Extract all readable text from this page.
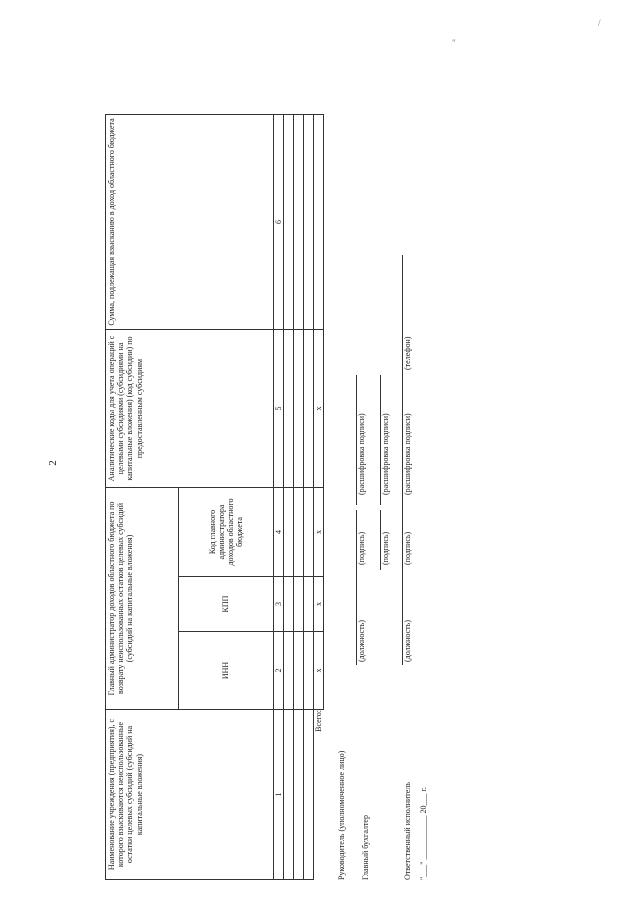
2
/
"
Наименование учреждения (предприятия), с которого взыскиваются неиспользованные остатки целевых субсидий (субсидий на капитальные вложения)	Главный администратор доходов областного бюджета по возврату неиспользованных остатков целевых субсидий (субсидий на капитальные вложения)			Аналитические коды для учета операций с целевыми субсидиями (субсидиями на капитальные вложения) (код субсидии) по предоставленным субсидиям	Сумма, подлежащая взысканию в доход областного бюджета
	ИНН	КПП	Код главного администратора доходов областного бюджета		
1	2	3	4	5	6

Всего:	х	х	х	х	
Руководитель (уполномоченное лицо)
(должность)
(подпись)
(расшифровка подписи)
Главный бухгалтер
(подпись)
(расшифровка подписи)
Ответственный исполнитель
(должность)
(подпись)
(расшифровка подписи)
(телефон)
"___" ___________ 20___ г.
